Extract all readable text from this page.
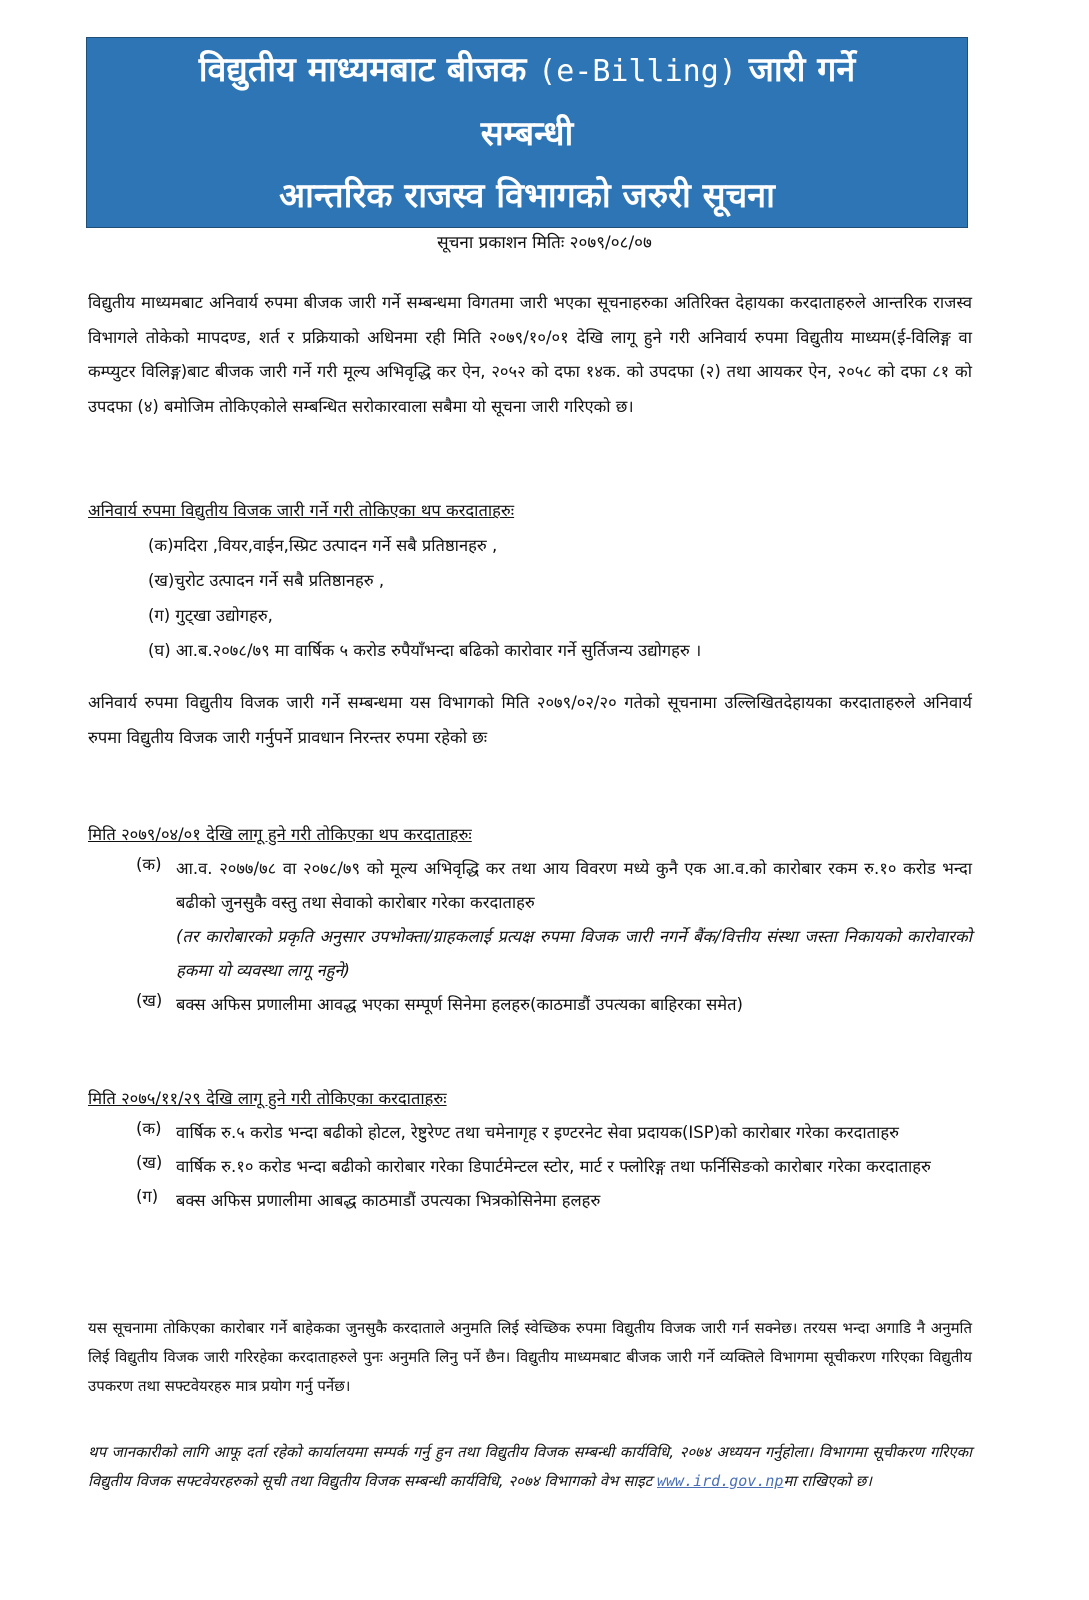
विद्युतीय माध्यमबाट बीजक (e-Billing) जारी गर्ने
सम्बन्धी
आन्तरिक राजस्व विभागको जरुरी सूचना
सूचना प्रकाशन मितिः २०७९/०८/०७
विद्युतीय माध्यमबाट अनिवार्य रुपमा बीजक जारी गर्ने सम्बन्धमा विगतमा जारी भएका सूचनाहरुका अतिरिक्त देहायका करदाताहरुले आन्तरिक राजस्व विभागले तोकेको मापदण्ड, शर्त र प्रक्रियाको अधिनमा रही मिति २०७९/१०/०१ देखि लागू हुने गरी अनिवार्य रुपमा विद्युतीय माध्यम(ई-विलिङ्ग वा कम्प्युटर विलिङ्ग)बाट बीजक जारी गर्ने गरी मूल्य अभिवृद्धि कर ऐन, २०५२ को दफा १४क. को उपदफा (२) तथा आयकर ऐन, २०५८ को दफा ८१ को उपदफा (४) बमोजिम तोकिएकोले सम्बन्धित सरोकारवाला सबैमा यो सूचना जारी गरिएको छ।
अनिवार्य रुपमा विद्युतीय विजक जारी गर्ने गरी तोकिएका थप करदाताहरुः
(क)मदिरा ,वियर,वाईन,स्प्रिट उत्पादन गर्ने सबै प्रतिष्ठानहरु ,
(ख)चुरोट उत्पादन गर्ने सबै प्रतिष्ठानहरु ,
(ग) गुट्खा उद्योगहरु,
(घ) आ.ब.२०७८/७९ मा वार्षिक ५ करोड रुपैयाँभन्दा बढिको कारोवार गर्ने सुर्तिजन्य उद्योगहरु ।
अनिवार्य रुपमा विद्युतीय विजक जारी गर्ने सम्बन्धमा यस विभागको मिति २०७९/०२/२० गतेको सूचनामा उल्लिखितदेहायका करदाताहरुले अनिवार्य रुपमा विद्युतीय विजक जारी गर्नुपर्ने प्रावधान निरन्तर रुपमा रहेको छः
मिति २०७९/०४/०१ देखि लागू हुने गरी तोकिएका थप करदाताहरुः
(क) आ.व. २०७७/७८ वा २०७८/७९ को मूल्य अभिवृद्धि कर तथा आय विवरण मध्ये कुनै एक आ.व.को कारोबार रकम रु.१० करोड भन्दा बढीको जुनसुकै वस्तु तथा सेवाको कारोबार गरेका करदाताहरु
(तर कारोबारको प्रकृति अनुसार उपभोक्ता/ग्राहकलाई प्रत्यक्ष रुपमा विजक जारी नगर्ने बैंक/वित्तीय संस्था जस्ता निकायको कारोवारको हकमा यो व्यवस्था लागू नहुने)
(ख) बक्स अफिस प्रणालीमा आवद्ध भएका सम्पूर्ण सिनेमा हलहरु(काठमाडौं उपत्यका बाहिरका समेत)
मिति २०७५/११/२९ देखि लागू हुने गरी तोकिएका करदाताहरुः
(क) वार्षिक रु.५ करोड भन्दा बढीको होटल, रेष्टुरेण्ट तथा चमेनागृह र इण्टरनेट सेवा प्रदायक(ISP)को कारोबार गरेका करदाताहरु
(ख) वार्षिक रु.१० करोड भन्दा बढीको कारोबार गरेका डिपार्टमेन्टल स्टोर, मार्ट र फ्लोरिङ्ग तथा फर्निसिङको कारोबार गरेका करदाताहरु
(ग)	बक्स अफिस प्रणालीमा आबद्ध काठमाडौं उपत्यका भित्रकोसिनेमा हलहरु
यस सूचनामा तोकिएका कारोबार गर्ने बाहेकका जुनसुकै करदाताले अनुमति लिई स्वेच्छिक रुपमा विद्युतीय विजक जारी गर्न सक्नेछ। तरयस भन्दा अगाडि नै अनुमति लिई विद्युतीय विजक जारी गरिरहेका करदाताहरुले पुनः अनुमति लिनु पर्ने छैन। विद्युतीय माध्यमबाट बीजक जारी गर्ने व्यक्तिले विभागमा सूचीकरण गरिएका विद्युतीय उपकरण तथा सफ्टवेयरहरु मात्र प्रयोग गर्नु पर्नेछ।
थप जानकारीको लागि आफू दर्ता रहेको कार्यालयमा सम्पर्क गर्नु हुन तथा विद्युतीय विजक सम्बन्धी कार्यविधि, २०७४ अध्ययन गर्नुहोला। विभागमा सूचीकरण गरिएका विद्युतीय विजक सफ्टवेयरहरुको सूची तथा विद्युतीय विजक सम्बन्धी कार्यविधि, २०७४ विभागको वेभ साइट www.ird.gov.npमा राखिएको छ।
